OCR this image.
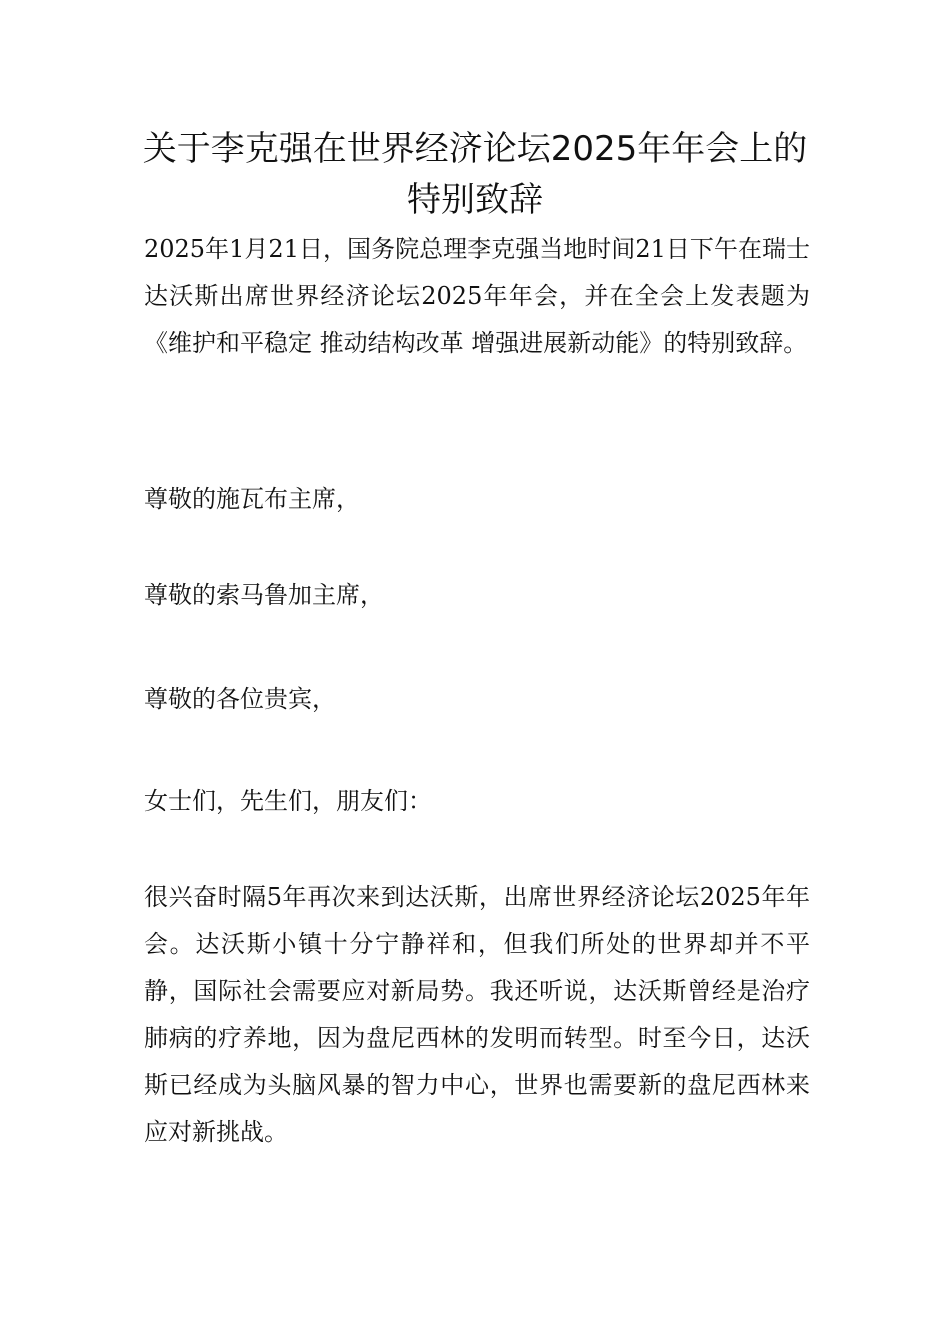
关于李克强在世界经济论坛2025年年会上的特别致辞

2025年1月21日，国务院总理李克强当地时间21日下午在瑞士达沃斯出席世界经济论坛2025年年会，并在全会上发表题为《维护和平稳定 推动结构改革 增强进展新动能》的特别致辞。

尊敬的施瓦布主席，

尊敬的索马鲁加主席，

尊敬的各位贵宾，

女士们，先生们，朋友们：

很兴奋时隔5年再次来到达沃斯，出席世界经济论坛2025年年会。达沃斯小镇十分宁静祥和，但我们所处的世界却并不平静，国际社会需要应对新局势。我还听说，达沃斯曾经是治疗肺病的疗养地，因为盘尼西林的发明而转型。时至今日，达沃斯已经成为头脑风暴的智力中心，世界也需要新的盘尼西林来应对新挑战。
